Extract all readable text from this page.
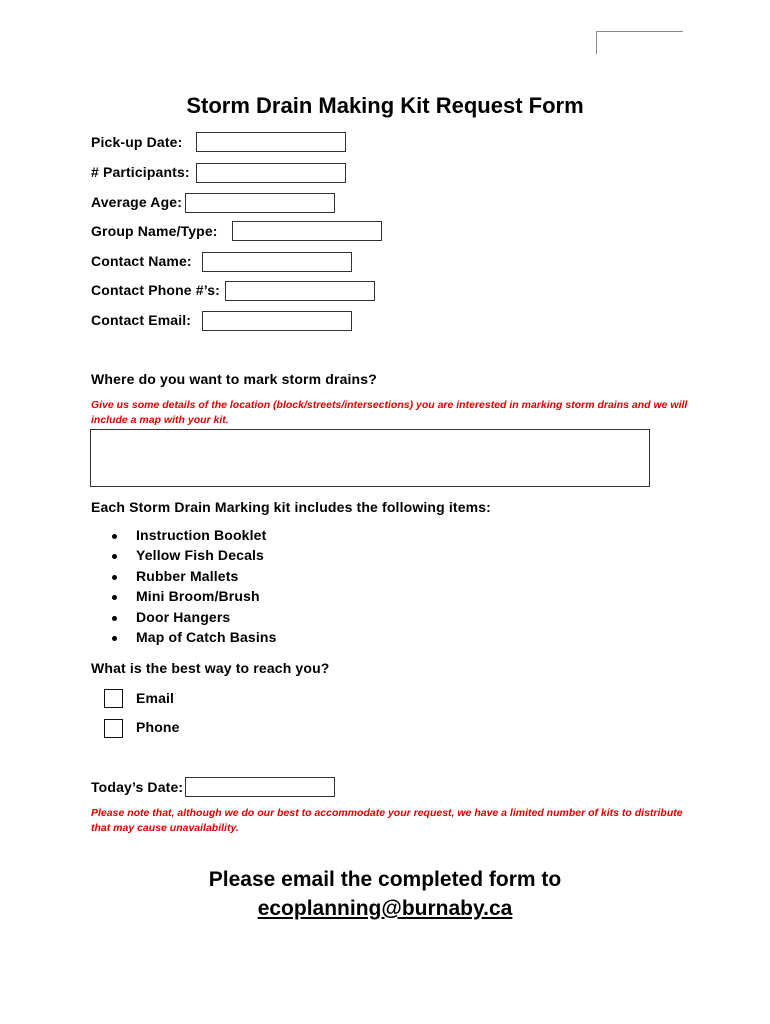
Storm Drain Making Kit Request Form
Pick-up Date:
# Participants:
Average Age:
Group Name/Type:
Contact Name:
Contact Phone #’s:
Contact Email:
Where do you want to mark storm drains?
Give us some details of the location (block/streets/intersections) you are interested in marking storm drains and we will include a map with your kit.
Each Storm Drain Marking kit includes the following items:
Instruction Booklet
Yellow Fish Decals
Rubber Mallets
Mini Broom/Brush
Door Hangers
Map of Catch Basins
What is the best way to reach you?
Email
Phone
Today’s Date:
Please note that, although we do our best to accommodate your request, we have a limited number of kits to distribute that may cause unavailability.
Please email the completed form to
ecoplanning@burnaby.ca
